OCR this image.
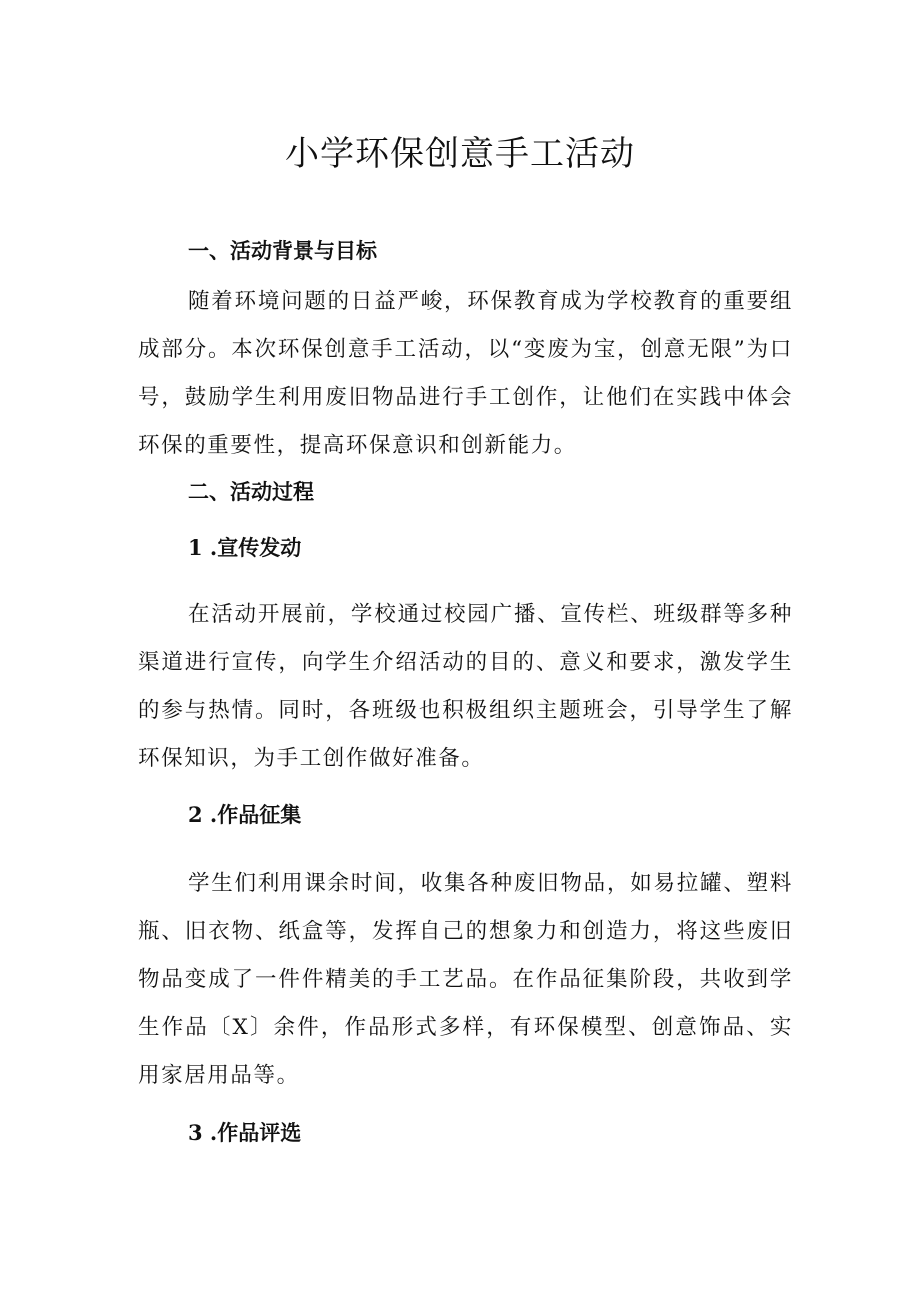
小学环保创意手工活动
一、活动背景与目标

随着环境问题的日益严峻，环保教育成为学校教育的重要组成部分。本次环保创意手工活动，以“变废为宝，创意无限”为口号，鼓励学生利用废旧物品进行手工创作，让他们在实践中体会环保的重要性，提高环保意识和创新能力。

二、活动过程
1 .宣传发动

在活动开展前，学校通过校园广播、宣传栏、班级群等多种渠道进行宣传，向学生介绍活动的目的、意义和要求，激发学生的参与热情。同时，各班级也积极组织主题班会，引导学生了解环保知识，为手工创作做好准备。

2 .作品征集

学生们利用课余时间，收集各种废旧物品，如易拉罐、塑料瓶、旧衣物、纸盒等，发挥自己的想象力和创造力，将这些废旧物品变成了一件件精美的手工艺品。在作品征集阶段，共收到学生作品〔X〕余件，作品形式多样，有环保模型、创意饰品、实用家居用品等。

3 .作品评选
